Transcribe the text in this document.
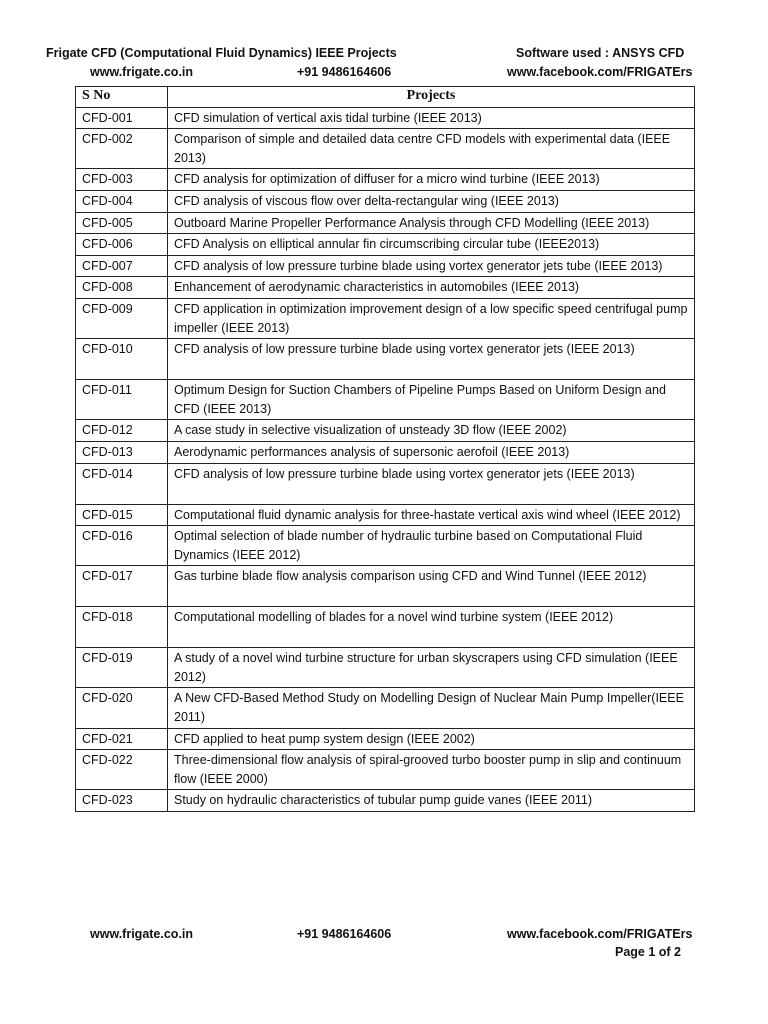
Frigate CFD (Computational Fluid Dynamics) IEEE Projects	Software used : ANSYS CFD
www.frigate.co.in	+91 9486164606	www.facebook.com/FRIGATErs
S No	Projects
CFD-001	CFD simulation of vertical axis tidal turbine (IEEE 2013)
CFD-002	Comparison of simple and detailed data centre CFD models with experimental data (IEEE 2013)
CFD-003	CFD analysis for optimization of diffuser for a micro wind turbine (IEEE 2013)
CFD-004	CFD analysis of viscous flow over delta-rectangular wing (IEEE 2013)
CFD-005	Outboard Marine Propeller Performance Analysis through CFD Modelling (IEEE 2013)
CFD-006	CFD Analysis on elliptical annular fin circumscribing circular tube (IEEE2013)
CFD-007	CFD analysis of low pressure turbine blade using vortex generator jets tube (IEEE 2013)
CFD-008	Enhancement of aerodynamic characteristics in automobiles (IEEE 2013)
CFD-009	CFD application in optimization improvement design of a low specific speed centrifugal pump impeller (IEEE 2013)
CFD-010	CFD analysis of low pressure turbine blade using vortex generator jets (IEEE 2013)
CFD-011	Optimum Design for Suction Chambers of Pipeline Pumps Based on Uniform Design and CFD (IEEE 2013)
CFD-012	A case study in selective visualization of unsteady 3D flow (IEEE 2002)
CFD-013	Aerodynamic performances analysis of supersonic aerofoil (IEEE 2013)
CFD-014	CFD analysis of low pressure turbine blade using vortex generator jets (IEEE 2013)
CFD-015	Computational fluid dynamic analysis for three-hastate vertical axis wind wheel (IEEE 2012)
CFD-016	Optimal selection of blade number of hydraulic turbine based on Computational Fluid Dynamics (IEEE 2012)
CFD-017	Gas turbine blade flow analysis comparison using CFD and Wind Tunnel (IEEE 2012)
CFD-018	Computational modelling of blades for a novel wind turbine system (IEEE 2012)
CFD-019	A study of a novel wind turbine structure for urban skyscrapers using CFD simulation (IEEE 2012)
CFD-020	A New CFD-Based Method Study on Modelling Design of Nuclear Main Pump Impeller(IEEE 2011)
CFD-021	CFD applied to heat pump system design (IEEE 2002)
CFD-022	Three-dimensional flow analysis of spiral-grooved turbo booster pump in slip and continuum flow (IEEE 2000)
CFD-023	Study on hydraulic characteristics of tubular pump guide vanes (IEEE 2011)
www.frigate.co.in	+91 9486164606	www.facebook.com/FRIGATErs
Page 1 of 2
